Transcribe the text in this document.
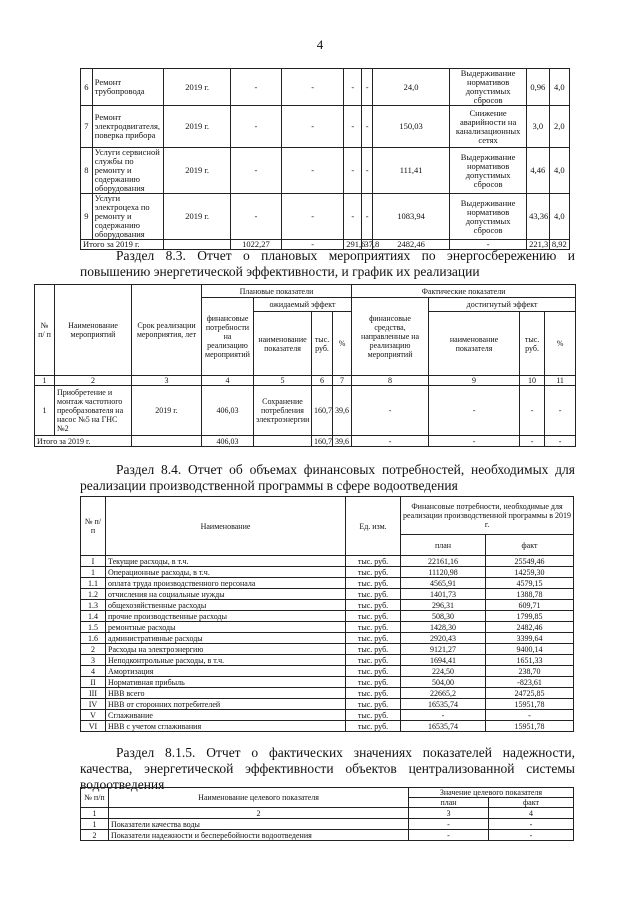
4
6	Ремонт трубопровода	2019 г.	-	-	-	-	24,0	Выдерживание нормативов допустимых сбросов	0,96	4,0
7	Ремонт электродвигателя, поверка прибора	2019 г.	-	-	-	-	150,03	Снижение аварийности на канализационных сетях	3,0	2,0
8	Услуги сервисной службы по ремонту и содержанию оборудования	2019 г.	-	-	-	-	111,41	Выдерживание нормативов допустимых сбросов	4,46	4,0
9	Услуги электроцеха по ремонту и содержанию оборудования	2019 г.	-	-	-	-	1083,94	Выдерживание нормативов допустимых сбросов	43,36	4,0
Итого за 2019 г.			1022,27	-	291,6	37,8	2482,46	-	221,3	8,92
Раздел 8.3. Отчет о плановых мероприятиях по энергосбережению и повышению энергетической эффективности, и график их реализации
№ п/ п	Наименование мероприятий	Срок реализации мероприятия, лет	Плановые показатели				Фактические показатели			
			финансовые потребности на реализацию мероприятий	ожидаемый эффект			финансовые средства, направленные на реализацию мероприятий	достигнутый эффект		
				наименование показателя	тыс. руб.	%		наименование показателя	тыс. руб.	%
1	2	3	4	5	6	7	8	9	10	11
1	Приобретение и монтаж частотного преобразователя на насос №5 на ГНС №2	2019 г.	406,03	Сохранение потребления электроэнергии	160,7	39,6	-	-	-	-
Итого за 2019 г.			406,03		160,7	39,6	-	-	-	-
Раздел 8.4. Отчет об объемах финансовых потребностей, необходимых для реализации производственной программы в сфере водоотведения
№ п/п	Наименование	Ед. изм.	Финансовые потребности, необходимые для реализации производственной программы в 2019 г.	
			план	факт
I	Текущие расходы, в т.ч.	тыс. руб.	22161,16	25549,46
1	Операционные расходы, в т.ч.	тыс. руб.	11120,98	14259,30
1.1	оплата труда производственного персонала	тыс. руб.	4565,91	4579,15
1.2	отчисления на социальные нужды	тыс. руб.	1401,73	1388,78
1.3	общехозяйственные расходы	тыс. руб.	296,31	609,71
1.4	прочие производственные расходы	тыс. руб.	508,30	1799,85
1.5	ремонтные расходы	тыс. руб.	1428,30	2482,46
1.6	административные расходы	тыс. руб.	2920,43	3399,64
2	Расходы на электроэнергию	тыс. руб.	9121,27	9400,14
3	Неподконтрольные расходы, в т.ч.	тыс. руб.	1694,41	1651,33
4	Амортизация	тыс. руб.	224,50	238,70
II	Нормативная прибыль	тыс. руб.	504,00	-823,61
III	НВВ всего	тыс. руб.	22665,2	24725,85
IV	НВВ от сторонних потребителей	тыс. руб.	16535,74	15951,78
V	Сглаживание	тыс. руб.	-	-
VI	НВВ с учетом сглаживания	тыс. руб.	16535,74	15951,78
Раздел 8.1.5. Отчет о фактических значениях показателей надежности, качества, энергетической эффективности объектов централизованной системы водоотведения
№ п/п	Наименование целевого показателя	Значение целевого показателя	
		план	факт
1	2	3	4
1	Показатели качества воды	-	-
2	Показатели надежности и бесперебойности водоотведения	-	-
